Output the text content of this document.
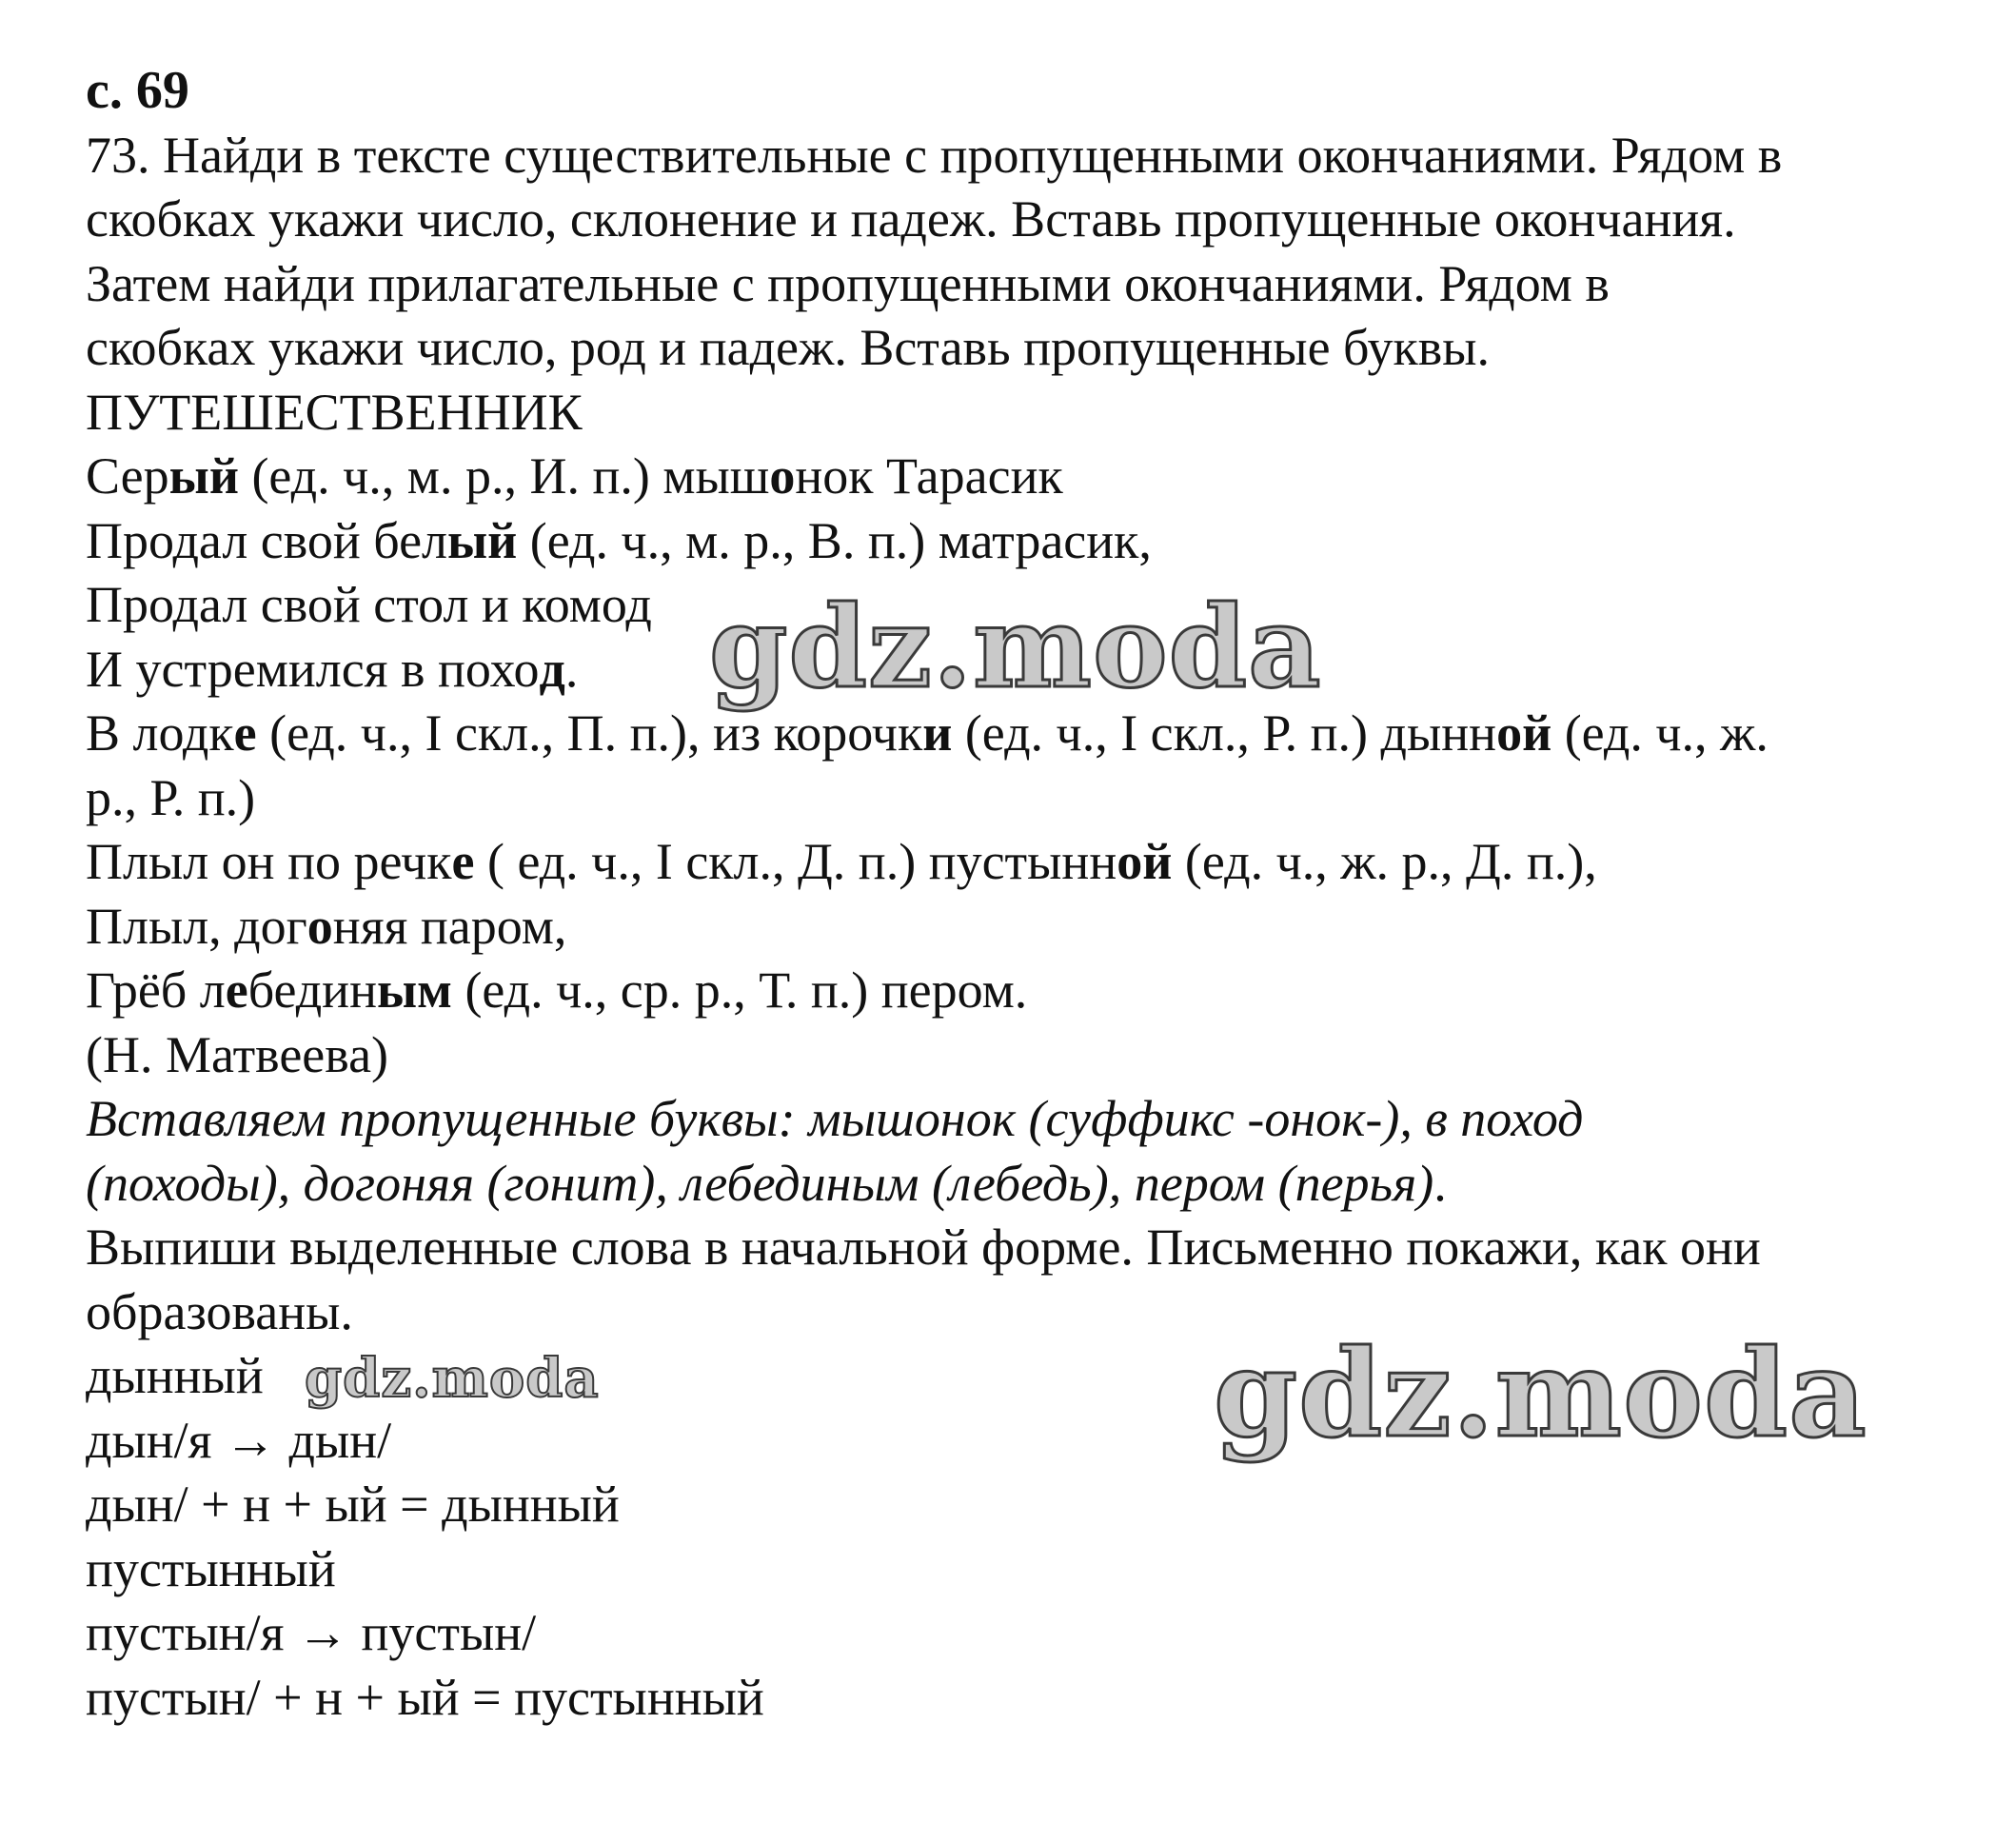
с. 69
73. Найди в тексте существительные с пропущенными окончаниями. Рядом в
скобках укажи число, склонение и падеж. Вставь пропущенные окончания.
Затем найди прилагательные с пропущенными окончаниями. Рядом в
скобках укажи число, род и падеж. Вставь пропущенные буквы.
ПУТЕШЕСТВЕННИК
Серый (ед. ч., м. р., И. п.) мышонок Тарасик
Продал свой белый (ед. ч., м. р., В. п.) матрасик,
Продал свой стол и комод
И устремился в поход.
В лодке (ед. ч., I скл., П. п.), из корочки (ед. ч., I скл., Р. п.) дынной (ед. ч., ж.
р., Р. п.)
Плыл он по речке ( ед. ч., I скл., Д. п.) пустынной (ед. ч., ж. р., Д. п.),
Плыл, догоняя паром,
Грёб лебединым (ед. ч., ср. р., Т. п.) пером.
(Н. Матвеева)
Вставляем пропущенные буквы: мышонок (суффикс -онок-), в поход
(походы), догоняя (гонит), лебединым (лебедь), пером (перья).
Выпиши выделенные слова в начальной форме. Письменно покажи, как они
образованы.
дынный
дын/я → дын/
дын/ + н + ый = дынный
пустынный
пустын/я → пустын/
пустын/ + н + ый = пустынный
gdz.moda
gdz.moda
gdz.moda
